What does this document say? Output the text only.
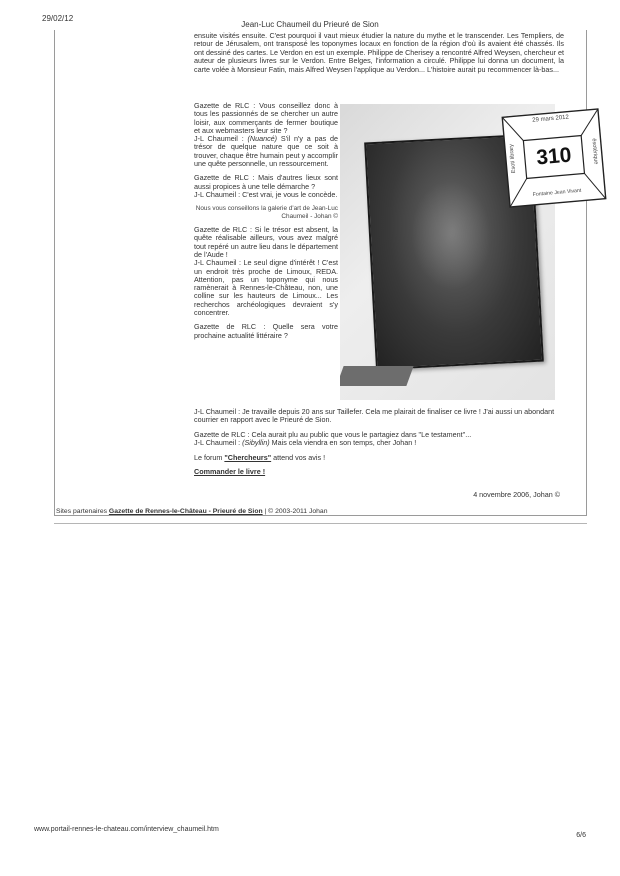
29/02/12
Jean-Luc Chaumeil du Prieuré de Sion
ensuite visités ensuite. C'est pourquoi il vaut mieux étudier la nature du mythe et le transcender. Les Templiers, de retour de Jérusalem, ont transposé les toponymes locaux en fonction de la région d'où ils avaient été chassés. Ils ont dessiné des cartes. Le Verdon en est un exemple. Philippe de Cherisey a rencontré Alfred Weysen, chercheur et auteur de plusieurs livres sur le Verdon. Entre Belges, l'information a circulé. Philippe lui donna un document, la carte volée à Monsieur Fatin, mais Alfred Weysen l'applique au Verdon... L'histoire aurait pu recommencer là-bas...

Gazette de RLC : Vous conseillez donc à tous les passionnés de se chercher un autre loisir, aux commerçants de fermer boutique et aux webmasters leur site ?
J-L Chaumeil : (Nuancé) S'il n'y a pas de trésor de quelque nature que ce soit à trouver, chaque être humain peut y accomplir une quête personnelle, un ressourcement.

Gazette de RLC : Mais d'autres lieux sont aussi propices à une telle démarche ?
J-L Chaumeil : C'est vrai, je vous le concède.

Nous vous conseillons la galerie d'art de Jean-Luc Chaumeil - Johan ©

Gazette de RLC : Si le trésor est absent, la quête réalisable ailleurs, vous avez malgré tout repéré un autre lieu dans le département de l'Aude !
J-L Chaumeil : Le seul digne d'intérêt ! C'est un endroit très proche de Limoux, REDA. Attention, pas un toponyme qui nous ramènerait à Rennes-le-Château, non, une colline sur les hauteurs de Limoux... Les recherchos archéologiques devraient s'y concentrer.

Gazette de RLC : Quelle sera votre prochaine actualité littéraire ?

29 mars 2012
Esoti library 310	ésotérique
Fontaine Jean Vivant

J-L Chaumeil : Je travaille depuis 20 ans sur Taillefer. Cela me plairait de finaliser ce livre ! J'ai aussi un abondant courrier en rapport avec le Prieuré de Sion.

Gazette de RLC : Cela aurait plu au public que vous le partagiez dans "Le testament"...
J-L Chaumeil : (Sibyllin) Mais cela viendra en son temps, cher Johan !

Le forum "Chercheurs" attend vos avis !

Commander le livre !
4 novembre 2006, Johan ©
Sites partenaires Gazette de Rennes-le-Château - Prieuré de Sion | © 2003-2011 Johan
www.portail-rennes-le-chateau.com/interview_chaumeil.htm
6/6
